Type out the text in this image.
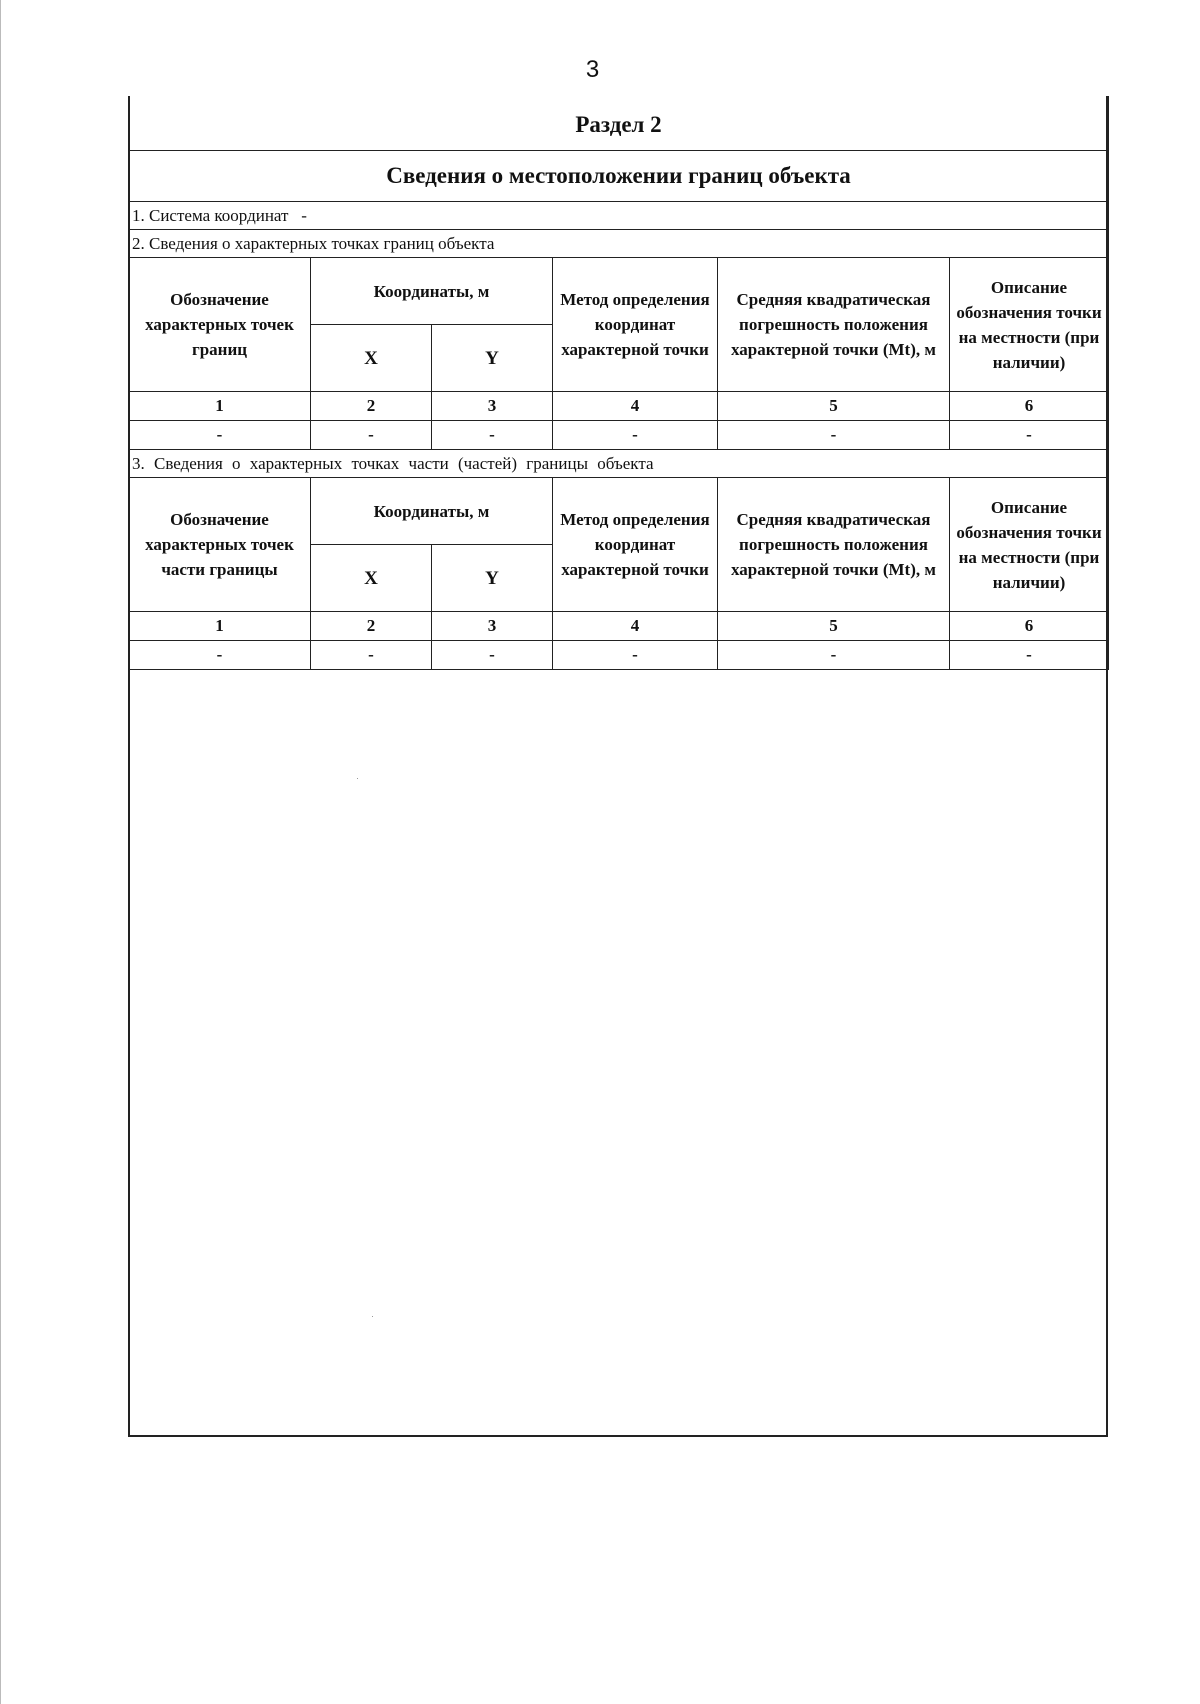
3
Раздел 2					
Сведения о местоположении границ объекта					
1. Система координат -					
2. Сведения о характерных точках границ объекта					
Обозначение характерных точек границ	Координаты, м		Метод определения координат характерной точки	Средняя квадратическая погрешность положения характерной точки (Mt), м	Описание обозначения точки на местности (при наличии)
	X	Y			
1	2	3	4	5	6
-	-	-	-	-	-
3. Сведения о характерных точках части (частей) границы объекта					
Обозначение характерных точек части границы	Координаты, м		Метод определения координат характерной точки	Средняя квадратическая погрешность положения характерной точки (Mt), м	Описание обозначения точки на местности (при наличии)
	X	Y			
1	2	3	4	5	6
-	-	-	-	-	-
